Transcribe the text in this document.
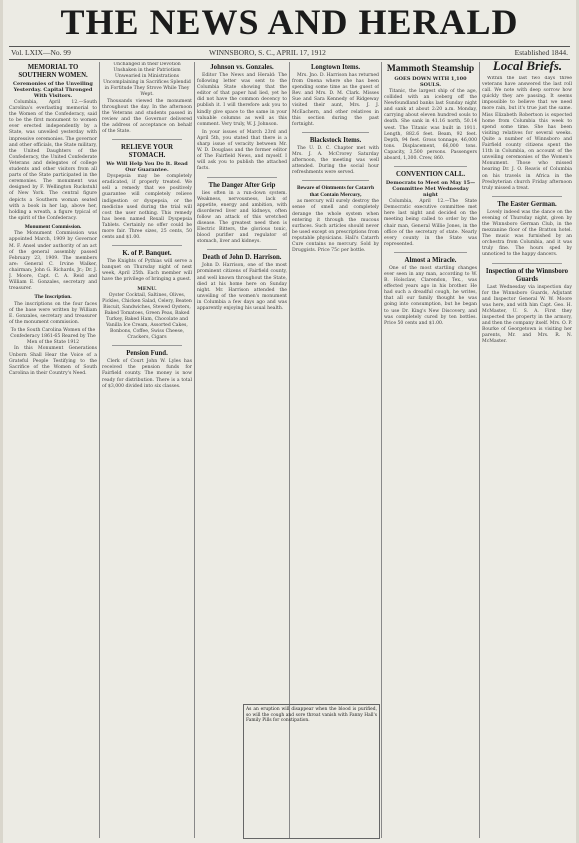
THE NEWS AND HERALD
Vol. LXIX—No. 99	WINNSBORO, S. C., APRIL 17, 1912	Established 1844.
MEMORIAL TO SOUTHERN WOMEN.
Ceremonies of the Unveiling Yesterday. Capital Thronged With Visitors.

Columbia, April 12.—South Carolina's everlasting memorial to the Women of the Confederacy, said to be the first monument to women ever erected independently by a State, was unveiled yesterday with impressive ceremonies. The governor and other officials, the State military, the United Daughters of the Confederacy, the United Confederate Veterans and delegates of college students and other visitors from all parts of the State participated in the ceremonies. The monument was designed by F. Wellington Ruckstuhl of New York. The central figure depicts a Southern woman seated with a book in her lap, above her, holding a wreath, a figure typical of the spirit of the Confederacy.

Monument Commission.

The Monument Commission was appointed March, 1909 by Governor M. F. Ansel under authority of an act of the general assembly passed February 23, 1909. The members are: General C. Irvine Walker, chairman; John G. Richards, Jr.; Dr. J. J. Moore, Capt. C. A. Reid and William E. Gonzales, secretary and treasurer.

The Inscription.

The inscriptions on the four faces of the base were written by William E. Gonzales, secretary and treasurer of the monument commission.

To the South Carolina Women of the Confederacy 1861-65 Reared by The Men of the State 1912

In this Monument Generations Unborn Shall Hear the Voice of a Grateful People Testifying to the Sacrifice of the Women of South Carolina in their Country's Need.

Unchanged in their Devotion Unshaken in their Patriotism Unwearied in Ministrations Uncomplaining in Sacrifices Splendid in Fortitude They Strove While They Wept.

Thousands viewed the monument throughout the day. In the afternoon the Veterans and students passed in review and the Governor delivered the address of acceptance on behalf of the State.

RELIEVE YOUR STOMACH.
We Will Help You Do It. Read Our Guarantee.

Dyspepsia may be completely eradicated, if properly treated. We sell a remedy that we positively guarantee will completely relieve indigestion or dyspepsia, or the medicine used during the trial will cost the user nothing. This remedy has been named Rexall Dyspepsia Tablets. Certainly no offer could be more fair. Three sizes, 25 cents, 50 cents and $1.00.

K. of P. Banquet.

The Knights of Pythias will serve a banquet on Thursday night of next week, April 25th. Each member will have the privilege of bringing a guest.

MENU.
Oyster Cocktail, Saltines, Olives, Pickles, Chicken Salad, Celery, Beaten Biscuit, Sandwiches, Stewed Oysters, Baked Tomatoes, Green Peas, Baked Turkey, Baked Ham, Chocolate and Vanilla Ice Cream, Assorted Cakes, Bonbons, Coffee, Swiss Cheese, Crackers, Cigars
Pension Fund.

Clerk of Court John W. Lyles has received the pension funds for Fairfield county. The money is now ready for distribution. There is a total of $3,000 divided into six classes.

Johnson vs. Gonzales.

Editor The News and Herald: The following letter was sent to the Columbia State showing that the editor of that paper had lied, yet he did not have the common decency to publish it. I will therefore ask you to kindly give space to the same in your valuable columns as well as this comment. Very truly, W. J. Johnson.

In your issues of March 23rd and April 5th, you stated that there is a sharp issue of veracity between Mr. W. D. Douglass and the former editor of The Fairfield News, and myself. I will ask you to publish the attached facts.

The Danger After Grip

lies often in a run-down system. Weakness, nervousness, lack of appetite, energy and ambition, with disordered liver and kidneys, often follow an attack of this wretched disease. The greatest need then is Electric Bitters, the glorious tonic, blood purifier and regulator of stomach, liver and kidneys.

Death of John D. Harrison.

John D. Harrison, one of the most prominent citizens of Fairfield county, and well known throughout the State, died at his home here on Sunday night. Mr. Harrison attended the unveiling of the women's monument in Columbia a few days ago and was apparently enjoying his usual health.

Longtown Items.

Mrs. Jno. D. Harrison has returned from Onena where she has been spending some time as the guest of Rev. and Mrs. D. M. Clark. Misses Sue and Sara Kennedy of Ridgeway visited their aunt, Mrs. J. J. McEachern, and other relatives in this section during the past fortnight.

Blackstock Items.

The U. D. C. Chapter met with Mrs. J. A. McCrorey Saturday afternoon, the meeting was well attended. During the social hour refreshments were served.

Beware of Ointments for Catarrh that Contain Mercury,

as mercury will surely destroy the sense of smell and completely derange the whole system when entering it through the mucous surfaces. Such articles should never be used except on prescriptions from reputable physicians. Hall's Catarrh Cure contains no mercury. Sold by Druggists. Price 75c per bottle.

Mammoth Steamship
GOES DOWN WITH 1,100 SOULS.

Titanic, the largest ship of the age, collided with an iceberg off the Newfoundland banks last Sunday night and sank at about 2:20 a.m. Monday, carrying about eleven hundred souls to death. She sank in 41.16 north, 50.14 west. The Titanic was built in 1911. Length, 882.6 feet. Beam, 92 feet. Depth, 94 feet. Gross tonnage, 46,000 tons. Displacement, 66,000 tons. Capacity, 3,500 persons. Passengers aboard, 1,300. Crew, 860.

CONVENTION CALL.
Democrats to Meet on May 15—Committee Met Wednesday night

Columbia, April 12.—The State Democratic executive committee met here last night and decided on the meeting being called to order by the chair man, General Willie Jones, in the office of the secretary of state. Nearly every county in the State was represented.

Almost a Miracle.

One of the most startling changes ever seen in any man, according to W. B. Holsclaw, Clarendon, Tex., was effected years ago in his brother. He had such a dreadful cough, he writes, that all our family thought he was going into consumption, but he began to use Dr. King's New Discovery, and was completely cured by ten bottles. Price 50 cents and $1.00.

Within the last two days three veterans have answered the last roll call. We note with deep sorrow how quickly they are passing. It seems impossible to believe that we need more rain, but it's true just the same. Miss Elizabeth Robertson is expected home from Columbia this week to spend some time. She has been visiting relatives for several weeks. Quite a number of Winnsboro and Fairfield county citizens spent the 11th in Columbia, on account of the unveiling ceremonies of the Women's Monument. Those who missed hearing Dr. J. O. Reavis of Columbia on his travels in Africa in the Presbyterian church Friday afternoon truly missed a treat.

The Easter German.

Lovely indeed was the dance on the evening of Thursday night, given by the Winnsboro German Club, in the mezzanine floor of the Bratton hotel. The music was furnished by an orchestra from Columbia, and it was truly fine. The hours sped by unnoticed to the happy dancers.

Inspection of the Winnsboro Guards

Last Wednesday via inspection day for the Winnsboro Guards, Adjutant and Inspector General W. W. Moore was here, and with him Capt. Geo. H. McMaster, U. S. A. First they inspected the property in the armory, and then the company itself. Mrs. O. P. Bourke of Georgetown is visiting her parents, Mr. and Mrs. R. N. McMaster.

Local Briefs.
As an eruption will disappear when the blood is purified, so will the cough and sore throat vanish with Fanny Hall's Family Pills for constipation.
